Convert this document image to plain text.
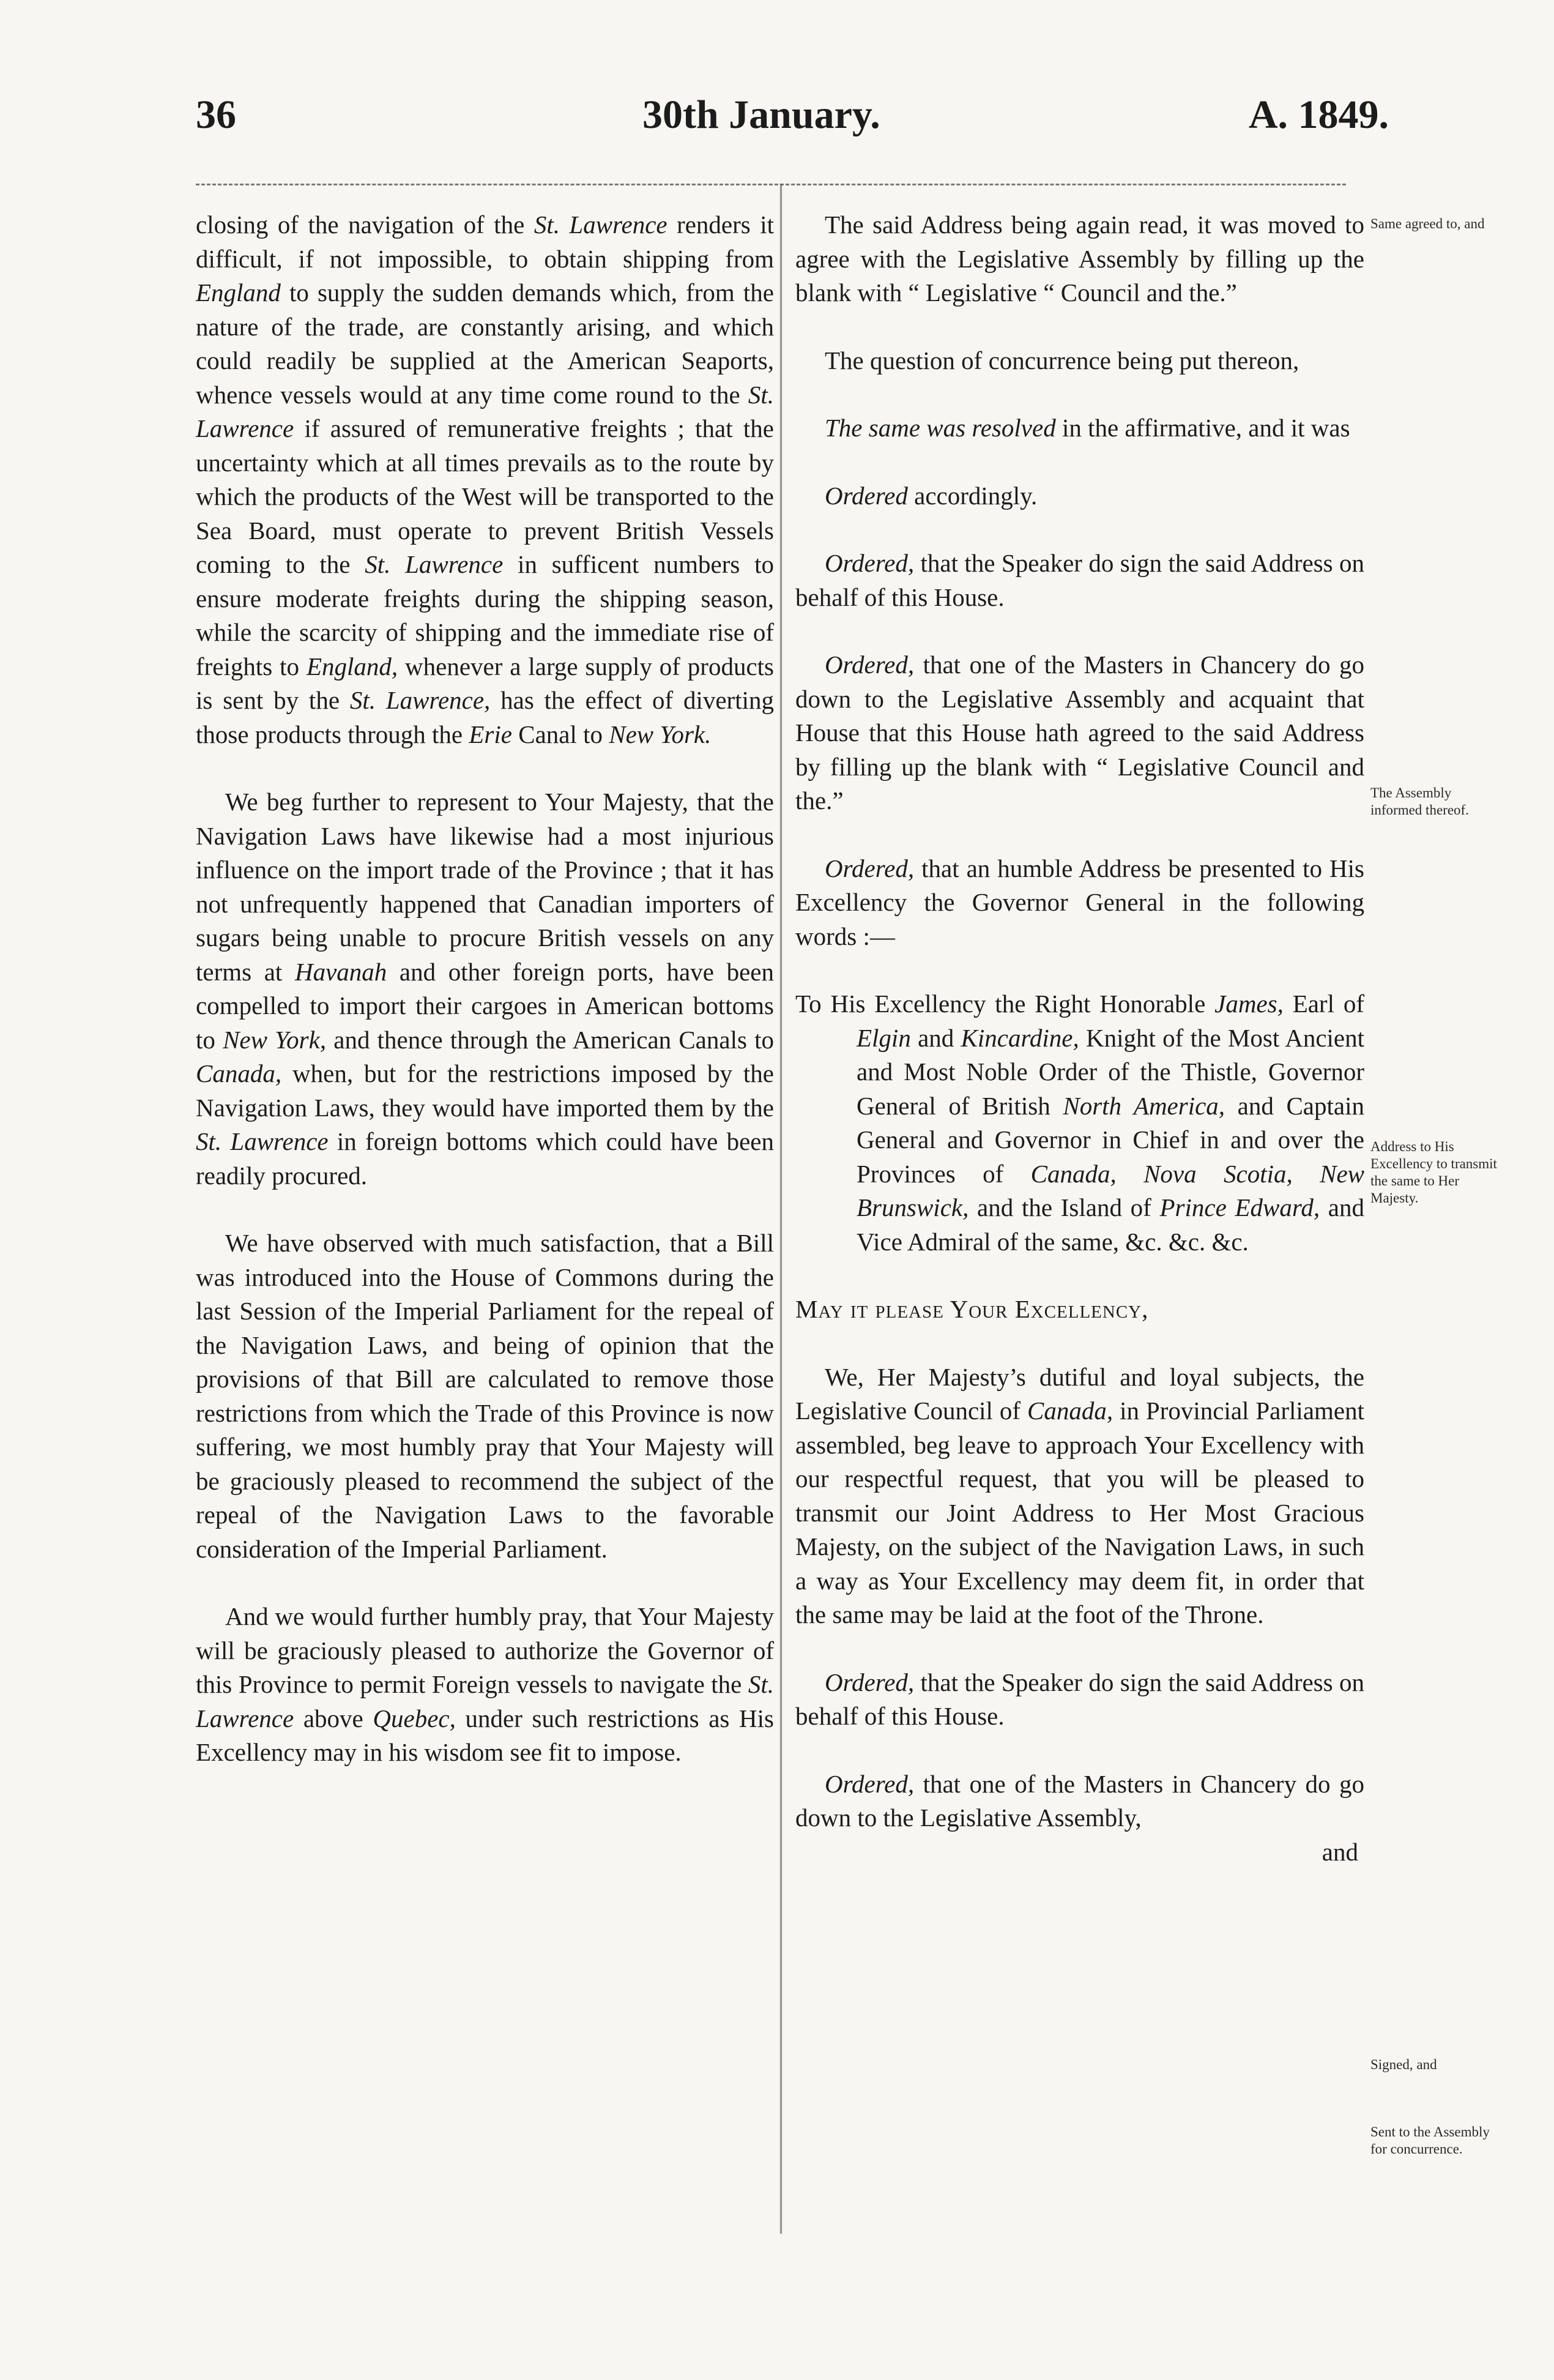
36	30th January.	A. 1849.

closing of the navigation of the St. Lawrence renders it difficult, if not impossible, to obtain shipping from England to supply the sudden demands which, from the nature of the trade, are constantly arising, and which could readily be supplied at the American Seaports, whence vessels would at any time come round to the St. Lawrence if assured of remunerative freights ; that the uncertainty which at all times prevails as to the route by which the products of the West will be transported to the Sea Board, must operate to prevent British Vessels coming to the St. Lawrence in sufficent numbers to ensure moderate freights during the shipping season, while the scarcity of shipping and the immediate rise of freights to England, whenever a large supply of products is sent by the St. Lawrence, has the effect of diverting those products through the Erie Canal to New York.

We beg further to represent to Your Majesty, that the Navigation Laws have likewise had a most injurious influence on the import trade of the Province ; that it has not unfrequently happened that Canadian importers of sugars being unable to procure British vessels on any terms at Havanah and other foreign ports, have been compelled to import their cargoes in American bottoms to New York, and thence through the American Canals to Canada, when, but for the restrictions imposed by the Navigation Laws, they would have imported them by the St. Lawrence in foreign bottoms which could have been readily procured.

We have observed with much satisfaction, that a Bill was introduced into the House of Commons during the last Session of the Imperial Parliament for the repeal of the Navigation Laws, and being of opinion that the provisions of that Bill are calculated to remove those restrictions from which the Trade of this Province is now suffering, we most humbly pray that Your Majesty will be graciously pleased to recommend the subject of the repeal of the Navigation Laws to the favorable consideration of the Imperial Parliament.

And we would further humbly pray, that Your Majesty will be graciously pleased to authorize the Governor of this Province to permit Foreign vessels to navigate the St. Lawrence above Quebec, under such restrictions as His Excellency may in his wisdom see fit to impose.

The said Address being again read, it was moved to agree with the Legislative Assembly by filling up the blank with “ Legislative “ Council and the.”

The question of concurrence being put thereon,

The same was resolved in the affirmative, and it was

Ordered accordingly.

Ordered, that the Speaker do sign the said Address on behalf of this House.

Ordered, that one of the Masters in Chancery do go down to the Legislative Assembly and acquaint that House that this House hath agreed to the said Address by filling up the blank with “ Legislative Council and the.”

Ordered, that an humble Address be presented to His Excellency the Governor General in the following words :—

To His Excellency the Right Honorable James, Earl of Elgin and Kincardine, Knight of the Most Ancient and Most Noble Order of the Thistle, Governor General of British North America, and Captain General and Governor in Chief in and over the Provinces of Canada, Nova Scotia, New Brunswick, and the Island of Prince Edward, and Vice Admiral of the same, &c. &c. &c.

May it please Your Excellency,

We, Her Majesty’s dutiful and loyal subjects, the Legislative Council of Canada, in Provincial Parliament assembled, beg leave to approach Your Excellency with our respectful request, that you will be pleased to transmit our Joint Address to Her Most Gracious Majesty, on the subject of the Navigation Laws, in such a way as Your Excellency may deem fit, in order that the same may be laid at the foot of the Throne.

Ordered, that the Speaker do sign the said Address on behalf of this House.

Ordered, that one of the Masters in Chancery do go down to the Legislative Assembly,

and
Same agreed to, and
The Assembly informed thereof.
Address to His Excellency to transmit the same to Her Majesty.
Signed, and
Sent to the Assembly for concurrence.
